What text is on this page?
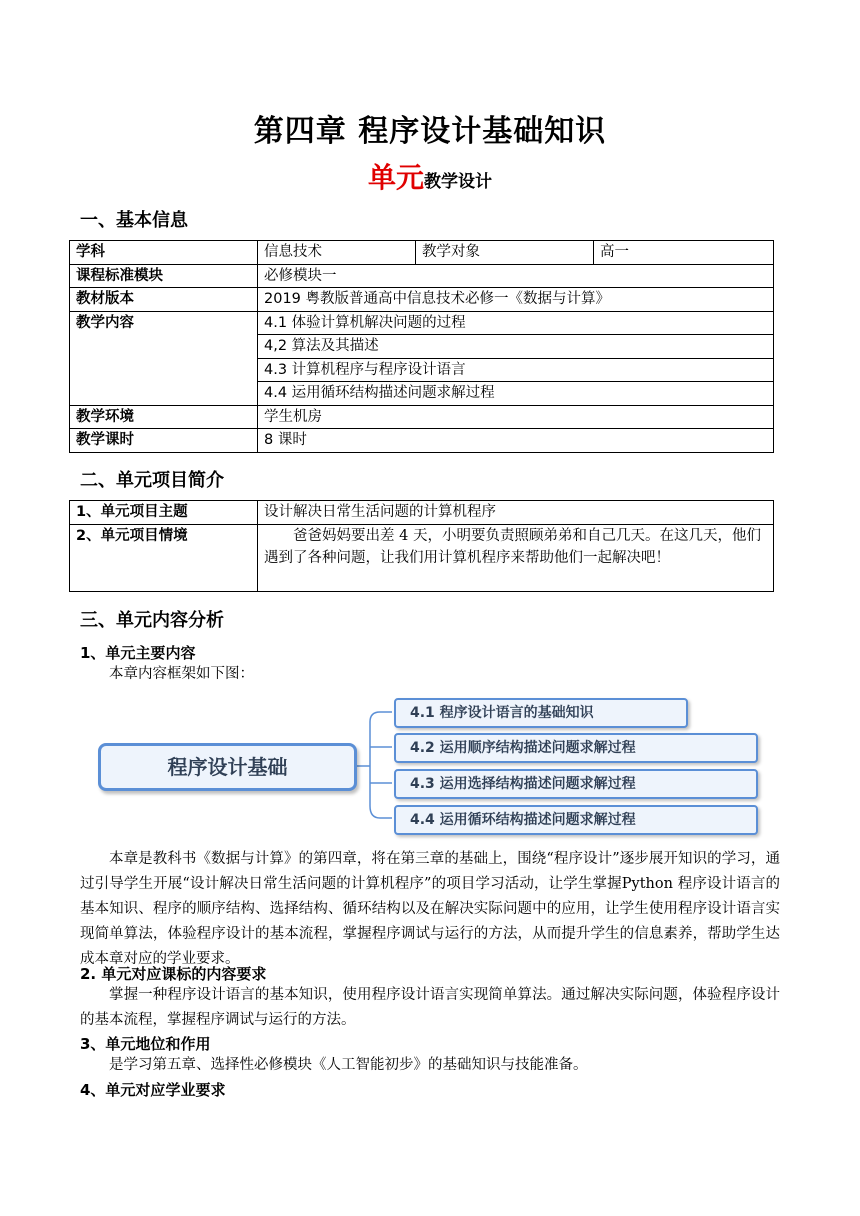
第四章 程序设计基础知识
单元教学设计
一、基本信息
学科	信息技术	教学对象	高一
课程标准模块	必修模块一		
教材版本	2019 粤教版普通高中信息技术必修一《数据与计算》		
教学内容	4.1 体验计算机解决问题的过程		
	4,2 算法及其描述		
	4.3 计算机程序与程序设计语言		
	4.4 运用循环结构描述问题求解过程		
教学环境	学生机房		
教学课时	8 课时		
二、单元项目简介
1、单元项目主题	设计解决日常生活问题的计算机程序
2、单元项目情境	爸爸妈妈要出差 4 天，小明要负责照顾弟弟和自己几天。在这几天，他们遇到了各种问题，让我们用计算机程序来帮助他们一起解决吧！
三、单元内容分析
1、单元主要内容

本章内容框架如下图：

程序设计基础
4.1 程序设计语言的基础知识
4.2 运用顺序结构描述问题求解过程
4.3 运用选择结构描述问题求解过程
4.4 运用循环结构描述问题求解过程

本章是教科书《数据与计算》的第四章，将在第三章的基础上，围绕“程序设计”逐步展开知识的学习，通过引导学生开展“设计解决日常生活问题的计算机程序”的项目学习活动，让学生掌握Python 程序设计语言的基本知识、程序的顺序结构、选择结构、循环结构以及在解决实际问题中的应用，让学生使用程序设计语言实现简单算法，体验程序设计的基本流程，掌握程序调试与运行的方法，从而提升学生的信息素养，帮助学生达成本章对应的学业要求。

2. 单元对应课标的内容要求

掌握一种程序设计语言的基本知识，使用程序设计语言实现简单算法。通过解决实际问题，体验程序设计的基本流程，掌握程序调试与运行的方法。

3、单元地位和作用

是学习第五章、选择性必修模块《人工智能初步》的基础知识与技能准备。

4、单元对应学业要求
